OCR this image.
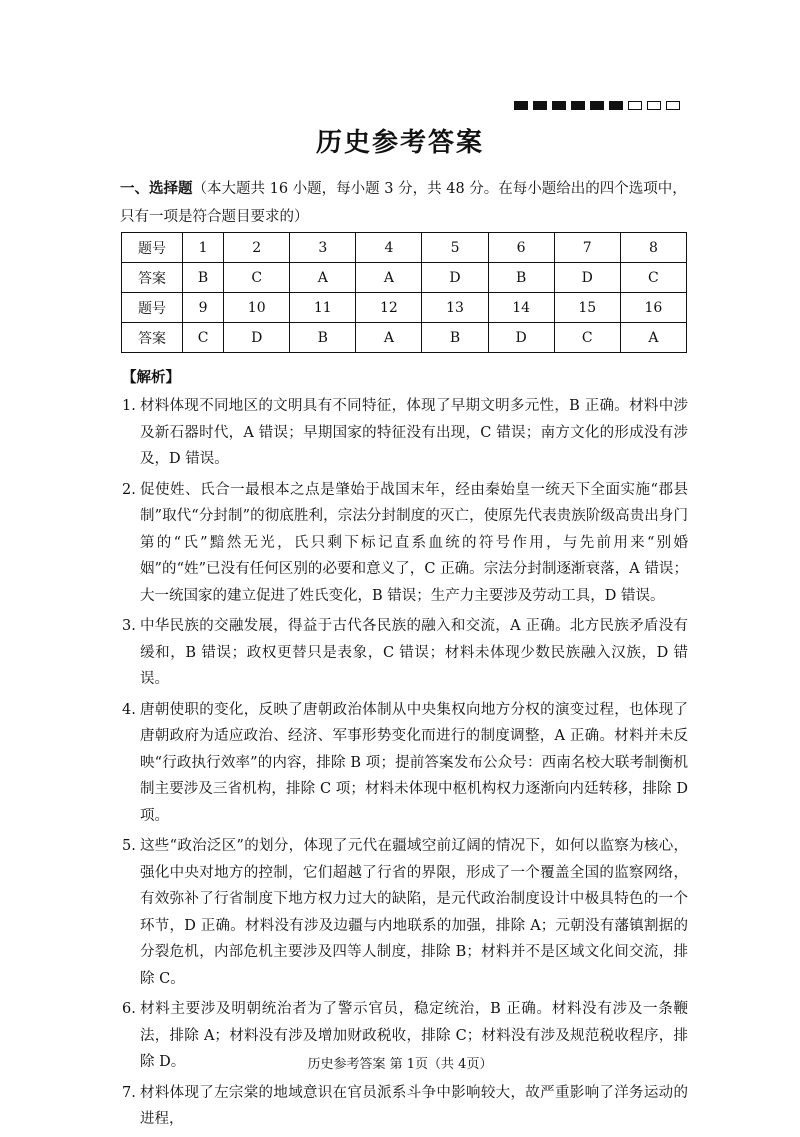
历史参考答案
一、选择题（本大题共 16 小题，每小题 3 分，共 48 分。在每小题给出的四个选项中，只有一项是符合题目要求的）
题号	1	2	3	4	5	6	7	8
答案	B	C	A	A	D	B	D	C
题号	9	10	11	12	13	14	15	16
答案	C	D	B	A	B	D	C	A
【解析】
1. 材料体现不同地区的文明具有不同特征，体现了早期文明多元性，B 正确。材料中涉及新石器时代，A 错误；早期国家的特征没有出现，C 错误；南方文化的形成没有涉及，D 错误。
2. 促使姓、氏合一最根本之点是肇始于战国末年，经由秦始皇一统天下全面实施“郡县制”取代“分封制”的彻底胜利，宗法分封制度的灭亡，使原先代表贵族阶级高贵出身门第的“氏”黯然无光，氏只剩下标记直系血统的符号作用，与先前用来“别婚姻”的“姓”已没有任何区别的必要和意义了，C 正确。宗法分封制逐渐衰落，A 错误；大一统国家的建立促进了姓氏变化，B 错误；生产力主要涉及劳动工具，D 错误。
3. 中华民族的交融发展，得益于古代各民族的融入和交流，A 正确。北方民族矛盾没有缓和，B 错误；政权更替只是表象，C 错误；材料未体现少数民族融入汉族，D 错误。
4. 唐朝使职的变化，反映了唐朝政治体制从中央集权向地方分权的演变过程，也体现了唐朝政府为适应政治、经济、军事形势变化而进行的制度调整，A 正确。材料并未反映“行政执行效率”的内容，排除 B 项；提前答案发布公众号：西南名校大联考制衡机制主要涉及三省机构，排除 C 项；材料未体现中枢机构权力逐渐向内廷转移，排除 D 项。
5. 这些“政治泛区”的划分，体现了元代在疆域空前辽阔的情况下，如何以监察为核心，强化中央对地方的控制，它们超越了行省的界限，形成了一个覆盖全国的监察网络，有效弥补了行省制度下地方权力过大的缺陷，是元代政治制度设计中极具特色的一个环节，D 正确。材料没有涉及边疆与内地联系的加强，排除 A；元朝没有藩镇割据的分裂危机，内部危机主要涉及四等人制度，排除 B；材料并不是区域文化间交流，排除 C。
6. 材料主要涉及明朝统治者为了警示官员，稳定统治，B 正确。材料没有涉及一条鞭法，排除 A；材料没有涉及增加财政税收，排除 C；材料没有涉及规范税收程序，排除 D。
7. 材料体现了左宗棠的地域意识在官员派系斗争中影响较大，故严重影响了洋务运动的进程，
历史参考答案 第 1页（共 4页）
